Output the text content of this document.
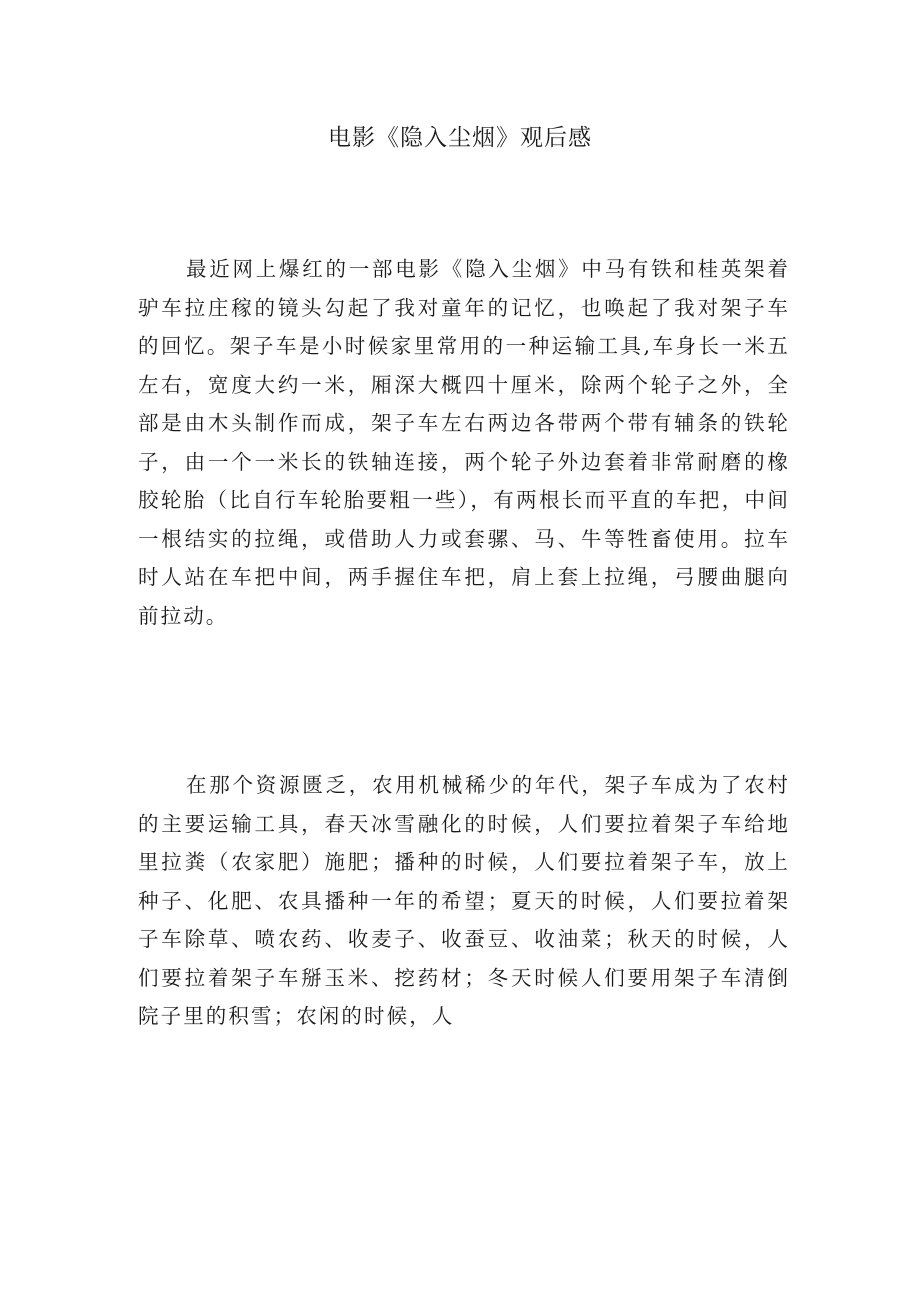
电影《隐入尘烟》观后感

最近网上爆红的一部电影《隐入尘烟》中马有铁和桂英架着驴车拉庄稼的镜头勾起了我对童年的记忆，也唤起了我对架子车的回忆。架子车是小时候家里常用的一种运输工具,车身长一米五左右，宽度大约一米，厢深大概四十厘米，除两个轮子之外，全部是由木头制作而成，架子车左右两边各带两个带有辅条的铁轮子，由一个一米长的铁轴连接，两个轮子外边套着非常耐磨的橡胶轮胎（比自行车轮胎要粗一些），有两根长而平直的车把，中间一根结实的拉绳，或借助人力或套骡、马、牛等牲畜使用。拉车时人站在车把中间，两手握住车把，肩上套上拉绳，弓腰曲腿向前拉动。

在那个资源匮乏，农用机械稀少的年代，架子车成为了农村的主要运输工具，春天冰雪融化的时候，人们要拉着架子车给地里拉粪（农家肥）施肥；播种的时候，人们要拉着架子车，放上种子、化肥、农具播种一年的希望；夏天的时候，人们要拉着架子车除草、喷农药、收麦子、收蚕豆、收油菜；秋天的时候，人们要拉着架子车掰玉米、挖药材；冬天时候人们要用架子车清倒院子里的积雪；农闲的时候，人
